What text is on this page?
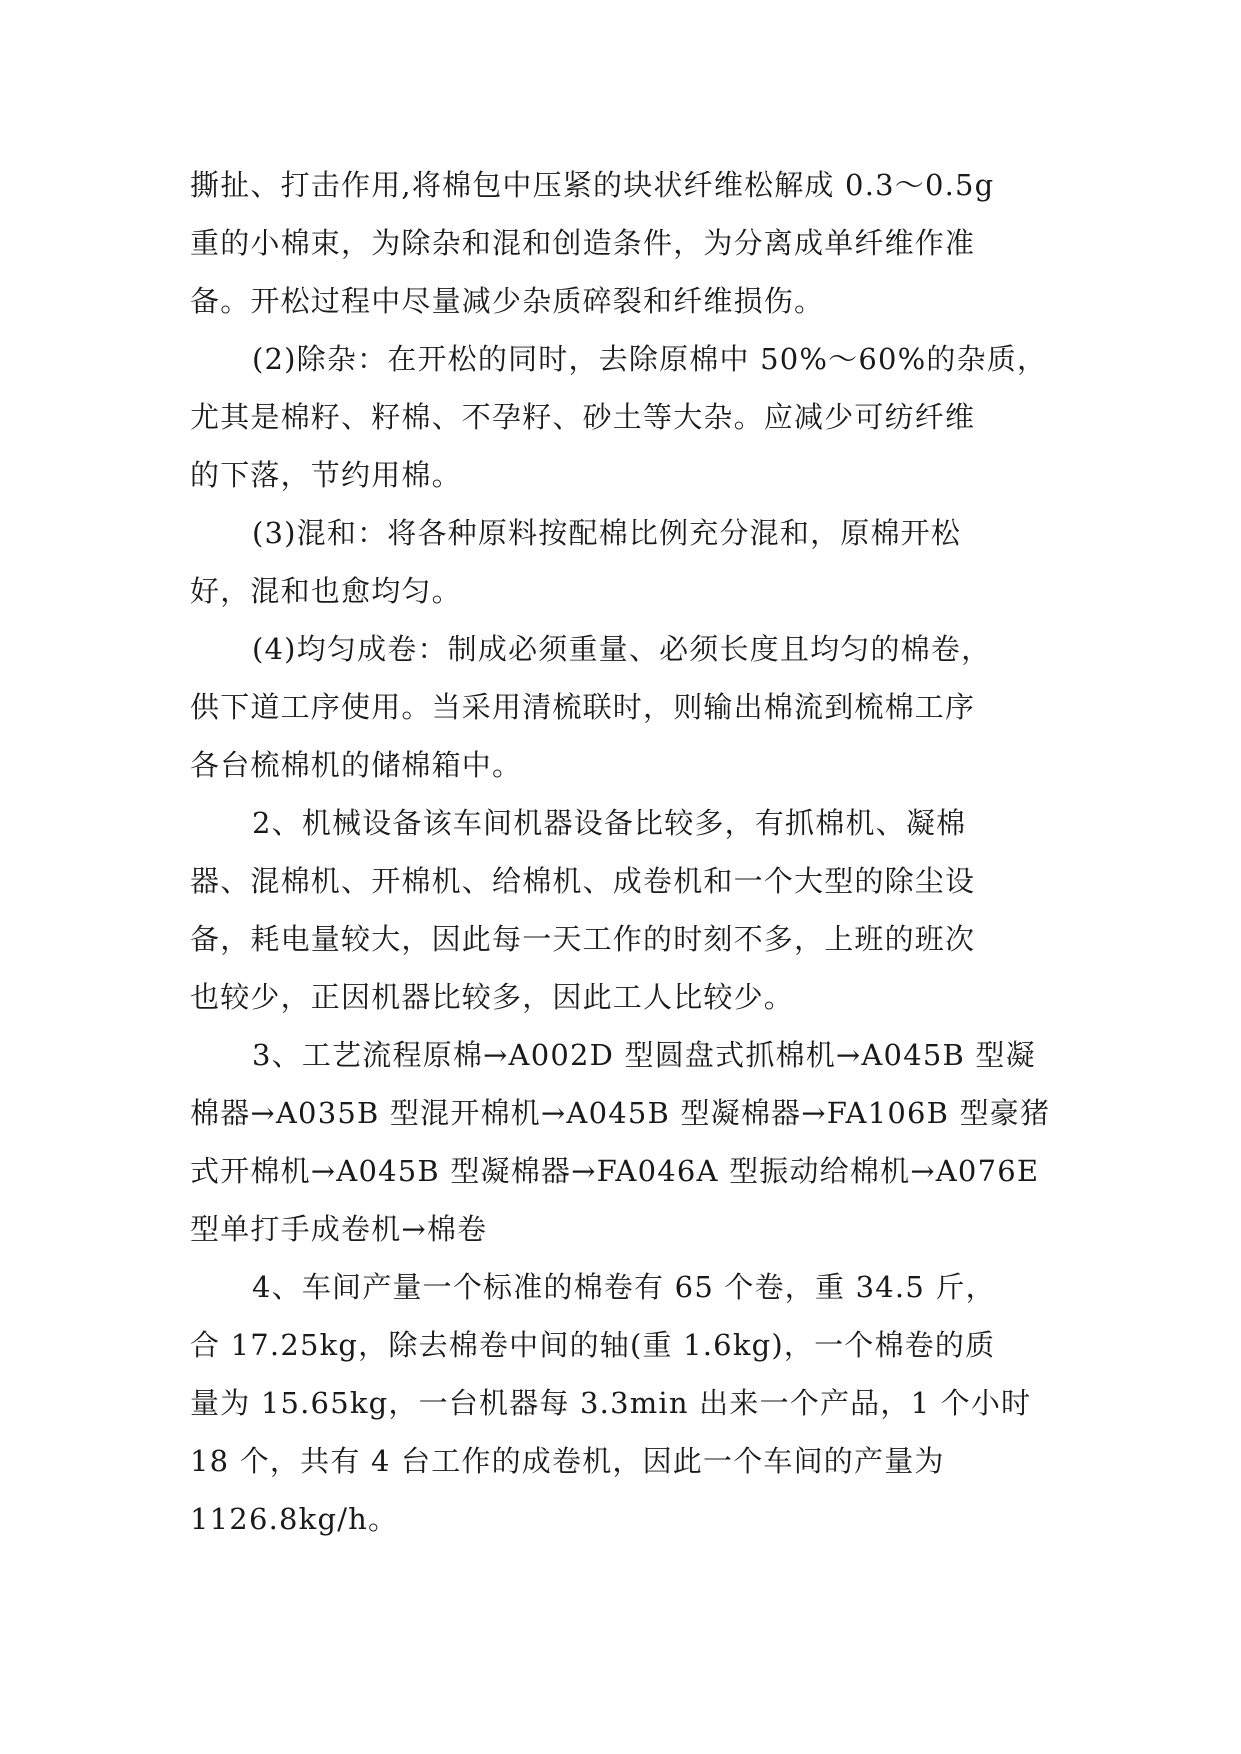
撕扯、打击作用,将棉包中压紧的块状纤维松解成 0.3～0.5g
重的小棉束，为除杂和混和创造条件，为分离成单纤维作准
备。开松过程中尽量减少杂质碎裂和纤维损伤。
(2)除杂：在开松的同时，去除原棉中 50%～60%的杂质，
尤其是棉籽、籽棉、不孕籽、砂土等大杂。应减少可纺纤维
的下落，节约用棉。
(3)混和：将各种原料按配棉比例充分混和，原棉开松
好，混和也愈均匀。
(4)均匀成卷：制成必须重量、必须长度且均匀的棉卷，
供下道工序使用。当采用清梳联时，则输出棉流到梳棉工序
各台梳棉机的储棉箱中。
2、机械设备该车间机器设备比较多，有抓棉机、凝棉
器、混棉机、开棉机、给棉机、成卷机和一个大型的除尘设
备，耗电量较大，因此每一天工作的时刻不多，上班的班次
也较少，正因机器比较多，因此工人比较少。
3、工艺流程原棉→A002D 型圆盘式抓棉机→A045B 型凝
棉器→A035B 型混开棉机→A045B 型凝棉器→FA106B 型豪猪
式开棉机→A045B 型凝棉器→FA046A 型振动给棉机→A076E
型单打手成卷机→棉卷
4、车间产量一个标准的棉卷有 65 个卷，重 34.5 斤，
合 17.25kg，除去棉卷中间的轴(重 1.6kg)，一个棉卷的质
量为 15.65kg，一台机器每 3.3min 出来一个产品，1 个小时
18 个，共有 4 台工作的成卷机，因此一个车间的产量为
1126.8kg/h。
